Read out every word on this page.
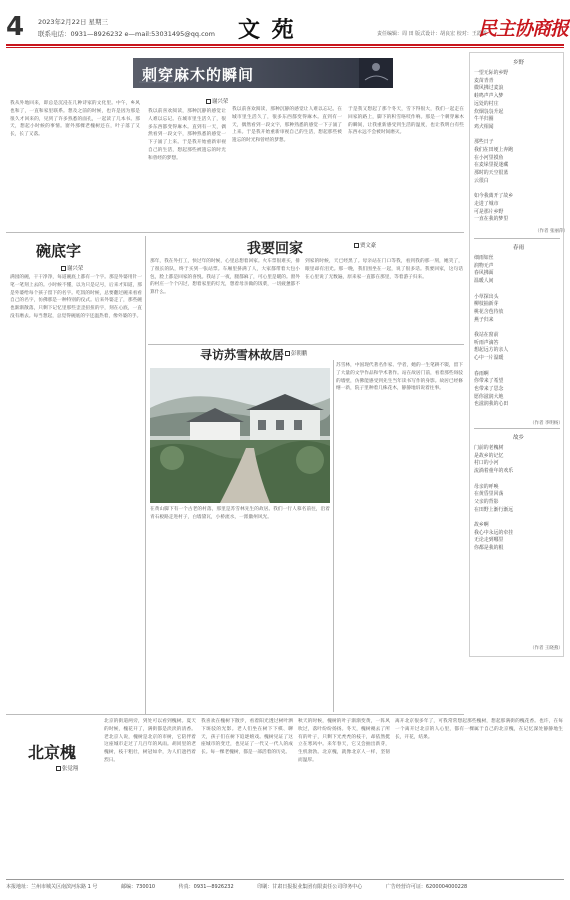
4 2023年2月22日 星期三
联系电话：0931—8926232 e—mail:53031495@qq.com 文 苑	责任编辑：周 田 版式设计：胡良宏 校对：王霞霞
民主协商报
刺穿麻木的瞬间
谢兴荣
我从外地回来，即总是沉浸在几种诗家的文化里。中午，乡风也和了，一直和家里联系。想及之前的时候，也许是因为那是很久才回来的，见到了许多熟悉的面孔，一起读了几本书。那天，想起小时候的事情。窗外那棵老槐树还在，叶子落了又长，长了又落。
我以前喜欢阅读，那种沉静的感觉让人难以忘记。在城市里生活久了，很多东西都变得麻木。直到有一天，偶然看到一段文字，那种熟悉的感觉一下子涌了上来。于是我开始重新审视自己的生活，想起那些被遗忘的时光和曾经的梦想。
于是我又想起了那个冬天，雪下得很大，我们一起走在回家的路上，脚下的积雪咯吱作响。那是一个刺穿麻木的瞬间，让我重新感受到生活的温度，也让我明白有些东西永远不会被时间磨灭。
我以前喜欢阅读，那种沉静的感觉让人难以忘记。在城市里生活久了，很多东西都变得麻木。直到有一天，偶然看到一段文字，那种熟悉的感觉一下子涌了上来。于是我开始重新审视自己的生活，想起那些被遗忘的时光和曾经的梦想。
碗底字
谢兴荣
满园的碗，干干净净，每道碗底上都有一个字。那是外婆用针一笔一笔刻上去的。小时候不懂，以为只是记号，后来才知道，那是外婆给每个孩子留下的名字。吃饭的时候，总要翻过碗来看看自己的名字，仿佛那是一种特别的仪式。后来外婆走了，那些碗也渐渐散落，只剩下记忆里那些歪歪扭扭的字，刻在心底，一直没有磨去。每当想起，总觉得碗底的字还温热着，像外婆的手。
我要回家	贾文豪
那年，我在外打工，快过年的时候，心里总想着回家。火车票很难买，排了很长的队，终于买到一张站票。车厢里挤满了人，大家都带着大包小包，脸上都是回家的喜悦。我站了一夜，腿都麻了，可心里是暖的。窗外的村庄一个个闪过，想着家里的灯光，想着母亲做的饭菜，一切疲惫都不算什么。
到家的时候，天已经黑了。母亲站在门口等我，看到我的那一刻，她笑了，眼里却有泪光。那一晚，我们围坐在一起，说了很多话。我要回家，这句话在心里说了无数遍，原来家一直都在那里，等着游子归来。
寻访苏雪林故居	彭朝鹏
在黄山脚下有一个古老的村落，那里是苏雪林先生的故居。我们一行人慕名前往，沿着青石板路走进村子，白墙黛瓦，小桥流水，一派徽州风光。
苏雪林，中国现代著名作家、学者，她的一生笔耕不辍，留下了大量的文学作品和学术著作。站在故居门前，看着那些斑驳的墙壁，仿佛能感受到先生当年读书写作的身影。故居已经修缮一新，院子里种着几株花木，静静地诉说着往事。
北京槐
张觉翔
北京的街道两旁，到处可以看到槐树。夏天的时候，槐花开了，满街都是淡淡的清香。老北京人说，槐树是北京的市树，它陪伴着这座城市走过了几百年的风雨。胡同里的老槐树，枝干粗壮，树冠如伞，为人们遮挡着烈日。
我喜欢在槐树下散步，看着阳光透过树叶洒下斑驳的光影。老人们坐在树下下棋、聊天，孩子们在树下追逐嬉戏。槐树见证了这座城市的变迁，也见证了一代又一代人的成长。每一棵老槐树，都是一部活着的历史。
秋天的时候，槐树的叶子渐渐变黄，一阵风吹过，落叶纷纷扬扬。冬天，槐树褪去了所有的叶子，只剩下光秃秃的枝干，却依然挺立在寒风中。来年春天，它又会抽出新芽，生机勃勃。北京槐，就像北京人一样，坚韧而温厚。
离开北京很多年了，可我常常想起那些槐树，想起那满街的槐花香。也许，在每一个离开过北京的人心里，都有一棵属于自己的北京槐，在记忆深处静静地生长，开花，结果。
乡野
一望无际的乡野
麦苗青青
微风拂过麦浪
蛙鸣声声入梦
远处的村庄
炊烟袅袅升起
牛羊归圈
鸡犬相闻

那些日子
我们在田埂上奔跑
在小河里摸鱼
在麦垛里捉迷藏
那时的天空很蓝
云很白

如今我离开了故乡
走进了城市
可是那片乡野
一直在我的梦里
（作者 张丽萍）
春雨
细雨如丝
润物无声
春风拂面
温暖人间

小草探出头
柳枝抽新芽
桃花含苞待放
燕子归来

我站在窗前
听雨声滴答
想起远方的亲人
心中一片温暖

春雨啊
你带来了希望
也带来了思念
愿你滋润大地
也滋润我的心田
（作者 李明杨）
故乡
门前的老槐树
是故乡的记忆
村口的小河
流淌着童年的欢乐

母亲的呼唤
在黄昏里回荡
父亲的背影
在田野上渐行渐远

故乡啊
我心中永远的牵挂
无论走到哪里
你都是我的根
（作者 王晓燕）
本报地址：兰州市城关区南滨河东路 1 号	邮编：730010	传真：0931—8926232	印刷：甘肃日报报业集团有限责任公司印务中心	广告经营许可证：6200004000228
